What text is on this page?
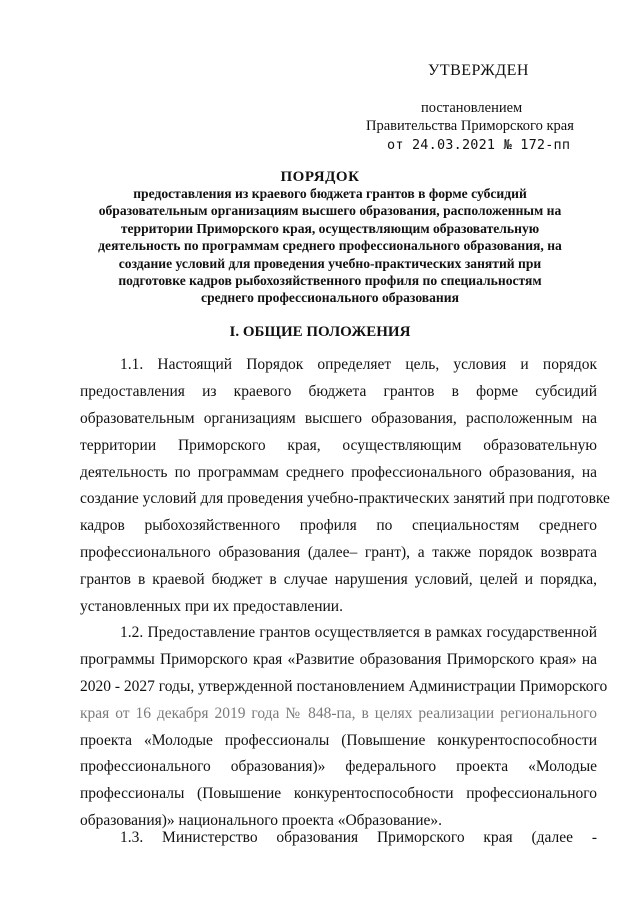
УТВЕРЖДЕН
постановлением
Правительства Приморского края
от 24.03.2021 № 172-пп
ПОРЯДОК
предоставления из краевого бюджета грантов в форме субсидий
образовательным организациям высшего образования, расположенным на
территории Приморского края, осуществляющим образовательную
деятельность по программам среднего профессионального образования, на
создание условий для проведения учебно-практических занятий при
подготовке кадров рыбохозяйственного профиля по специальностям
среднего профессионального образования
I. ОБЩИЕ ПОЛОЖЕНИЯ
1.1. Настоящий Порядок определяет цель, условия и порядок
предоставления из краевого бюджета грантов в форме субсидий
образовательным организациям высшего образования, расположенным на
территории Приморского края, осуществляющим образовательную
деятельность по программам среднего профессионального образования, на
создание условий для проведения учебно-практических занятий при подготовке
кадров рыбохозяйственного профиля по специальностям среднего
профессионального образования (далее– грант), а также порядок возврата
грантов в краевой бюджет в случае нарушения условий, целей и порядка,
установленных при их предоставлении.
1.2. Предоставление грантов осуществляется в рамках государственной
программы Приморского края «Развитие образования Приморского края» на
2020 - 2027 годы, утвержденной постановлением Администрации Приморского
края от 16 декабря 2019 года № 848-па, в целях реализации регионального
проекта «Молодые профессионалы (Повышение конкурентоспособности
профессионального образования)» федерального проекта «Молодые
профессионалы (Повышение конкурентоспособности профессионального
образования)» национального проекта «Образование».
1.3. Министерство образования Приморского края (далее -
